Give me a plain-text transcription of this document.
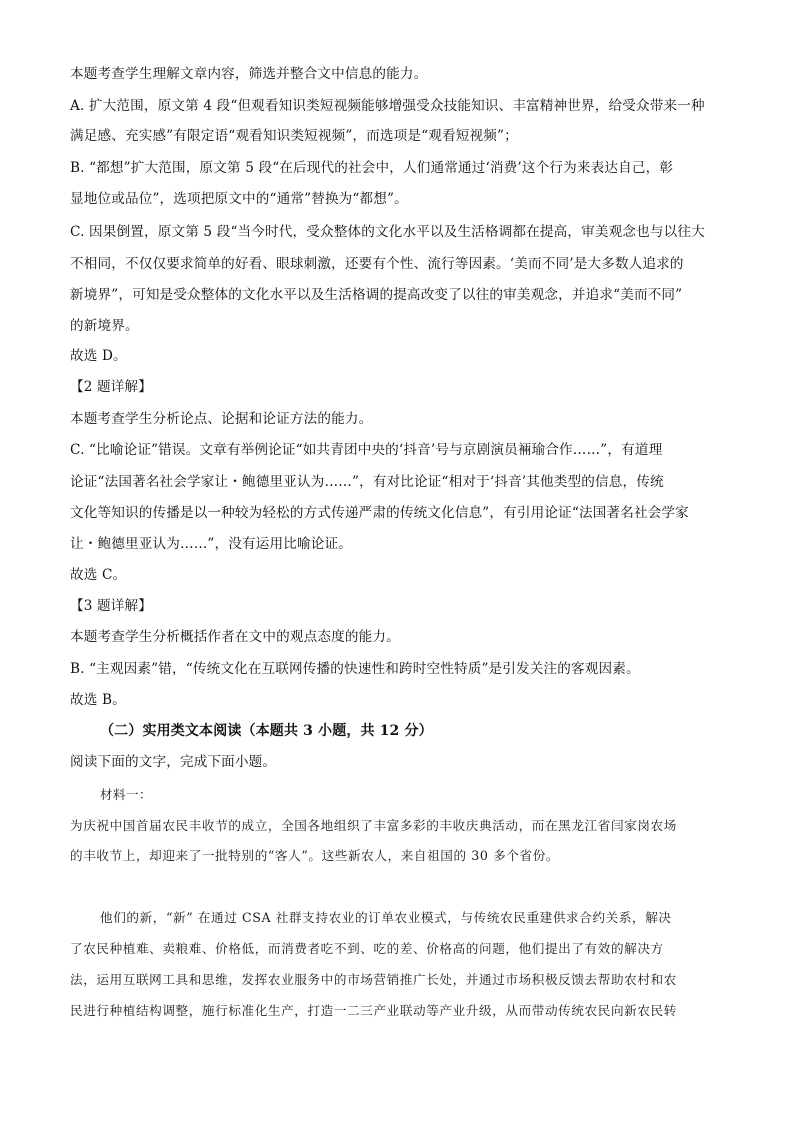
本题考查学生理解文章内容，筛选并整合文中信息的能力。
A. 扩大范围，原文第 4 段“但观看知识类短视频能够增强受众技能知识、丰富精神世界，给受众带来一种
满足感、充实感”有限定语“观看知识类短视频”，而选项是“观看短视频”；
B. “都想”扩大范围，原文第 5 段“在后现代的社会中，人们通常通过‘消费’这个行为来表达自己，彰
显地位或品位”，选项把原文中的“通常”替换为“都想”。
C. 因果倒置，原文第 5 段“当今时代，受众整体的文化水平以及生活格调都在提高，审美观念也与以往大
不相同，不仅仅要求简单的好看、眼球刺激，还要有个性、流行等因素。‘美而不同’是大多数人追求的
新境界”，可知是受众整体的文化水平以及生活格调的提高改变了以往的审美观念，并追求“美而不同”
的新境界。
故选 D。
【2 题详解】
本题考查学生分析论点、论据和论证方法的能力。
C. “比喻论证”错误。文章有举例论证“如共青团中央的‘抖音’号与京剧演员裲瑜合作……”，有道理
论证“法国著名社会学家让・鲍德里亚认为……”，有对比论证“相对于‘抖音’其他类型的信息，传统
文化等知识的传播是以一种较为轻松的方式传递严肃的传统文化信息”，有引用论证“法国著名社会学家
让・鲍德里亚认为……”，没有运用比喻论证。
故选 C。
【3 题详解】
本题考查学生分析概括作者在文中的观点态度的能力。
B. “主观因素”错，“传统文化在互联网传播的快速性和跨时空性特质”是引发关注的客观因素。
故选 B。
（二）实用类文本阅读（本题共 3 小题，共 12 分）
阅读下面的文字，完成下面小题。
材料一：
为庆祝中国首届农民丰收节的成立，全国各地组织了丰富多彩的丰收庆典活动，而在黑龙江省闫家岗农场
的丰收节上，却迎来了一批特别的“客人”。这些新农人，来自祖国的 30 多个省份。
他们的新，“新” 在通过 CSA 社群支持农业的订单农业模式，与传统农民重建供求合约关系，解决
了农民种植难、卖粮难、价格低，而消费者吃不到、吃的差、价格高的问题，他们提出了有效的解决方
法，运用互联网工具和思维，发挥农业服务中的市场营销推广长处，并通过市场积极反馈去帮助农村和农
民进行种植结构调整，施行标准化生产，打造一二三产业联动等产业升级，从而带动传统农民向新农民转
